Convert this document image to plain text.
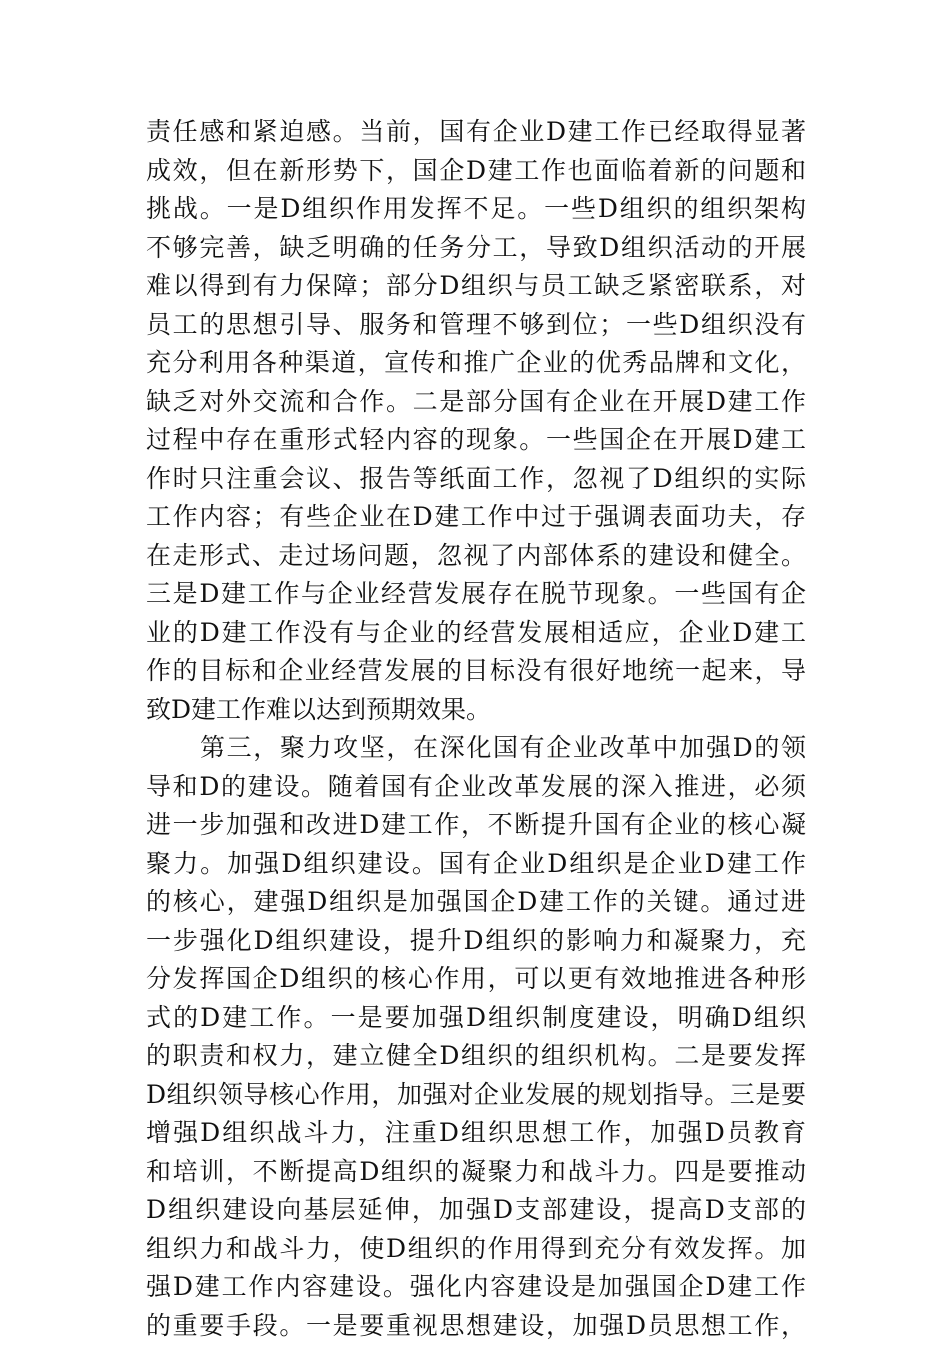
责任感和紧迫感。当前，国有企业D建工作已经取得显著
成效，但在新形势下，国企D建工作也面临着新的问题和
挑战。一是D组织作用发挥不足。一些D组织的组织架构
不够完善，缺乏明确的任务分工，导致D组织活动的开展
难以得到有力保障；部分D组织与员工缺乏紧密联系，对
员工的思想引导、服务和管理不够到位；一些D组织没有
充分利用各种渠道，宣传和推广企业的优秀品牌和文化，
缺乏对外交流和合作。二是部分国有企业在开展D建工作
过程中存在重形式轻内容的现象。一些国企在开展D建工
作时只注重会议、报告等纸面工作，忽视了D组织的实际
工作内容；有些企业在D建工作中过于强调表面功夫，存
在走形式、走过场问题，忽视了内部体系的建设和健全。
三是D建工作与企业经营发展存在脱节现象。一些国有企
业的D建工作没有与企业的经营发展相适应，企业D建工
作的目标和企业经营发展的目标没有很好地统一起来，导
致D建工作难以达到预期效果。
第三，聚力攻坚，在深化国有企业改革中加强D的领
导和D的建设。随着国有企业改革发展的深入推进，必须
进一步加强和改进D建工作，不断提升国有企业的核心凝
聚力。加强D组织建设。国有企业D组织是企业D建工作
的核心，建强D组织是加强国企D建工作的关键。通过进
一步强化D组织建设，提升D组织的影响力和凝聚力，充
分发挥国企D组织的核心作用，可以更有效地推进各种形
式的D建工作。一是要加强D组织制度建设，明确D组织
的职责和权力，建立健全D组织的组织机构。二是要发挥
D组织领导核心作用，加强对企业发展的规划指导。三是要
增强D组织战斗力，注重D组织思想工作，加强D员教育
和培训，不断提高D组织的凝聚力和战斗力。四是要推动
D组织建设向基层延伸，加强D支部建设，提高D支部的
组织力和战斗力，使D组织的作用得到充分有效发挥。加
强D建工作内容建设。强化内容建设是加强国企D建工作
的重要手段。一是要重视思想建设，加强D员思想工作，
